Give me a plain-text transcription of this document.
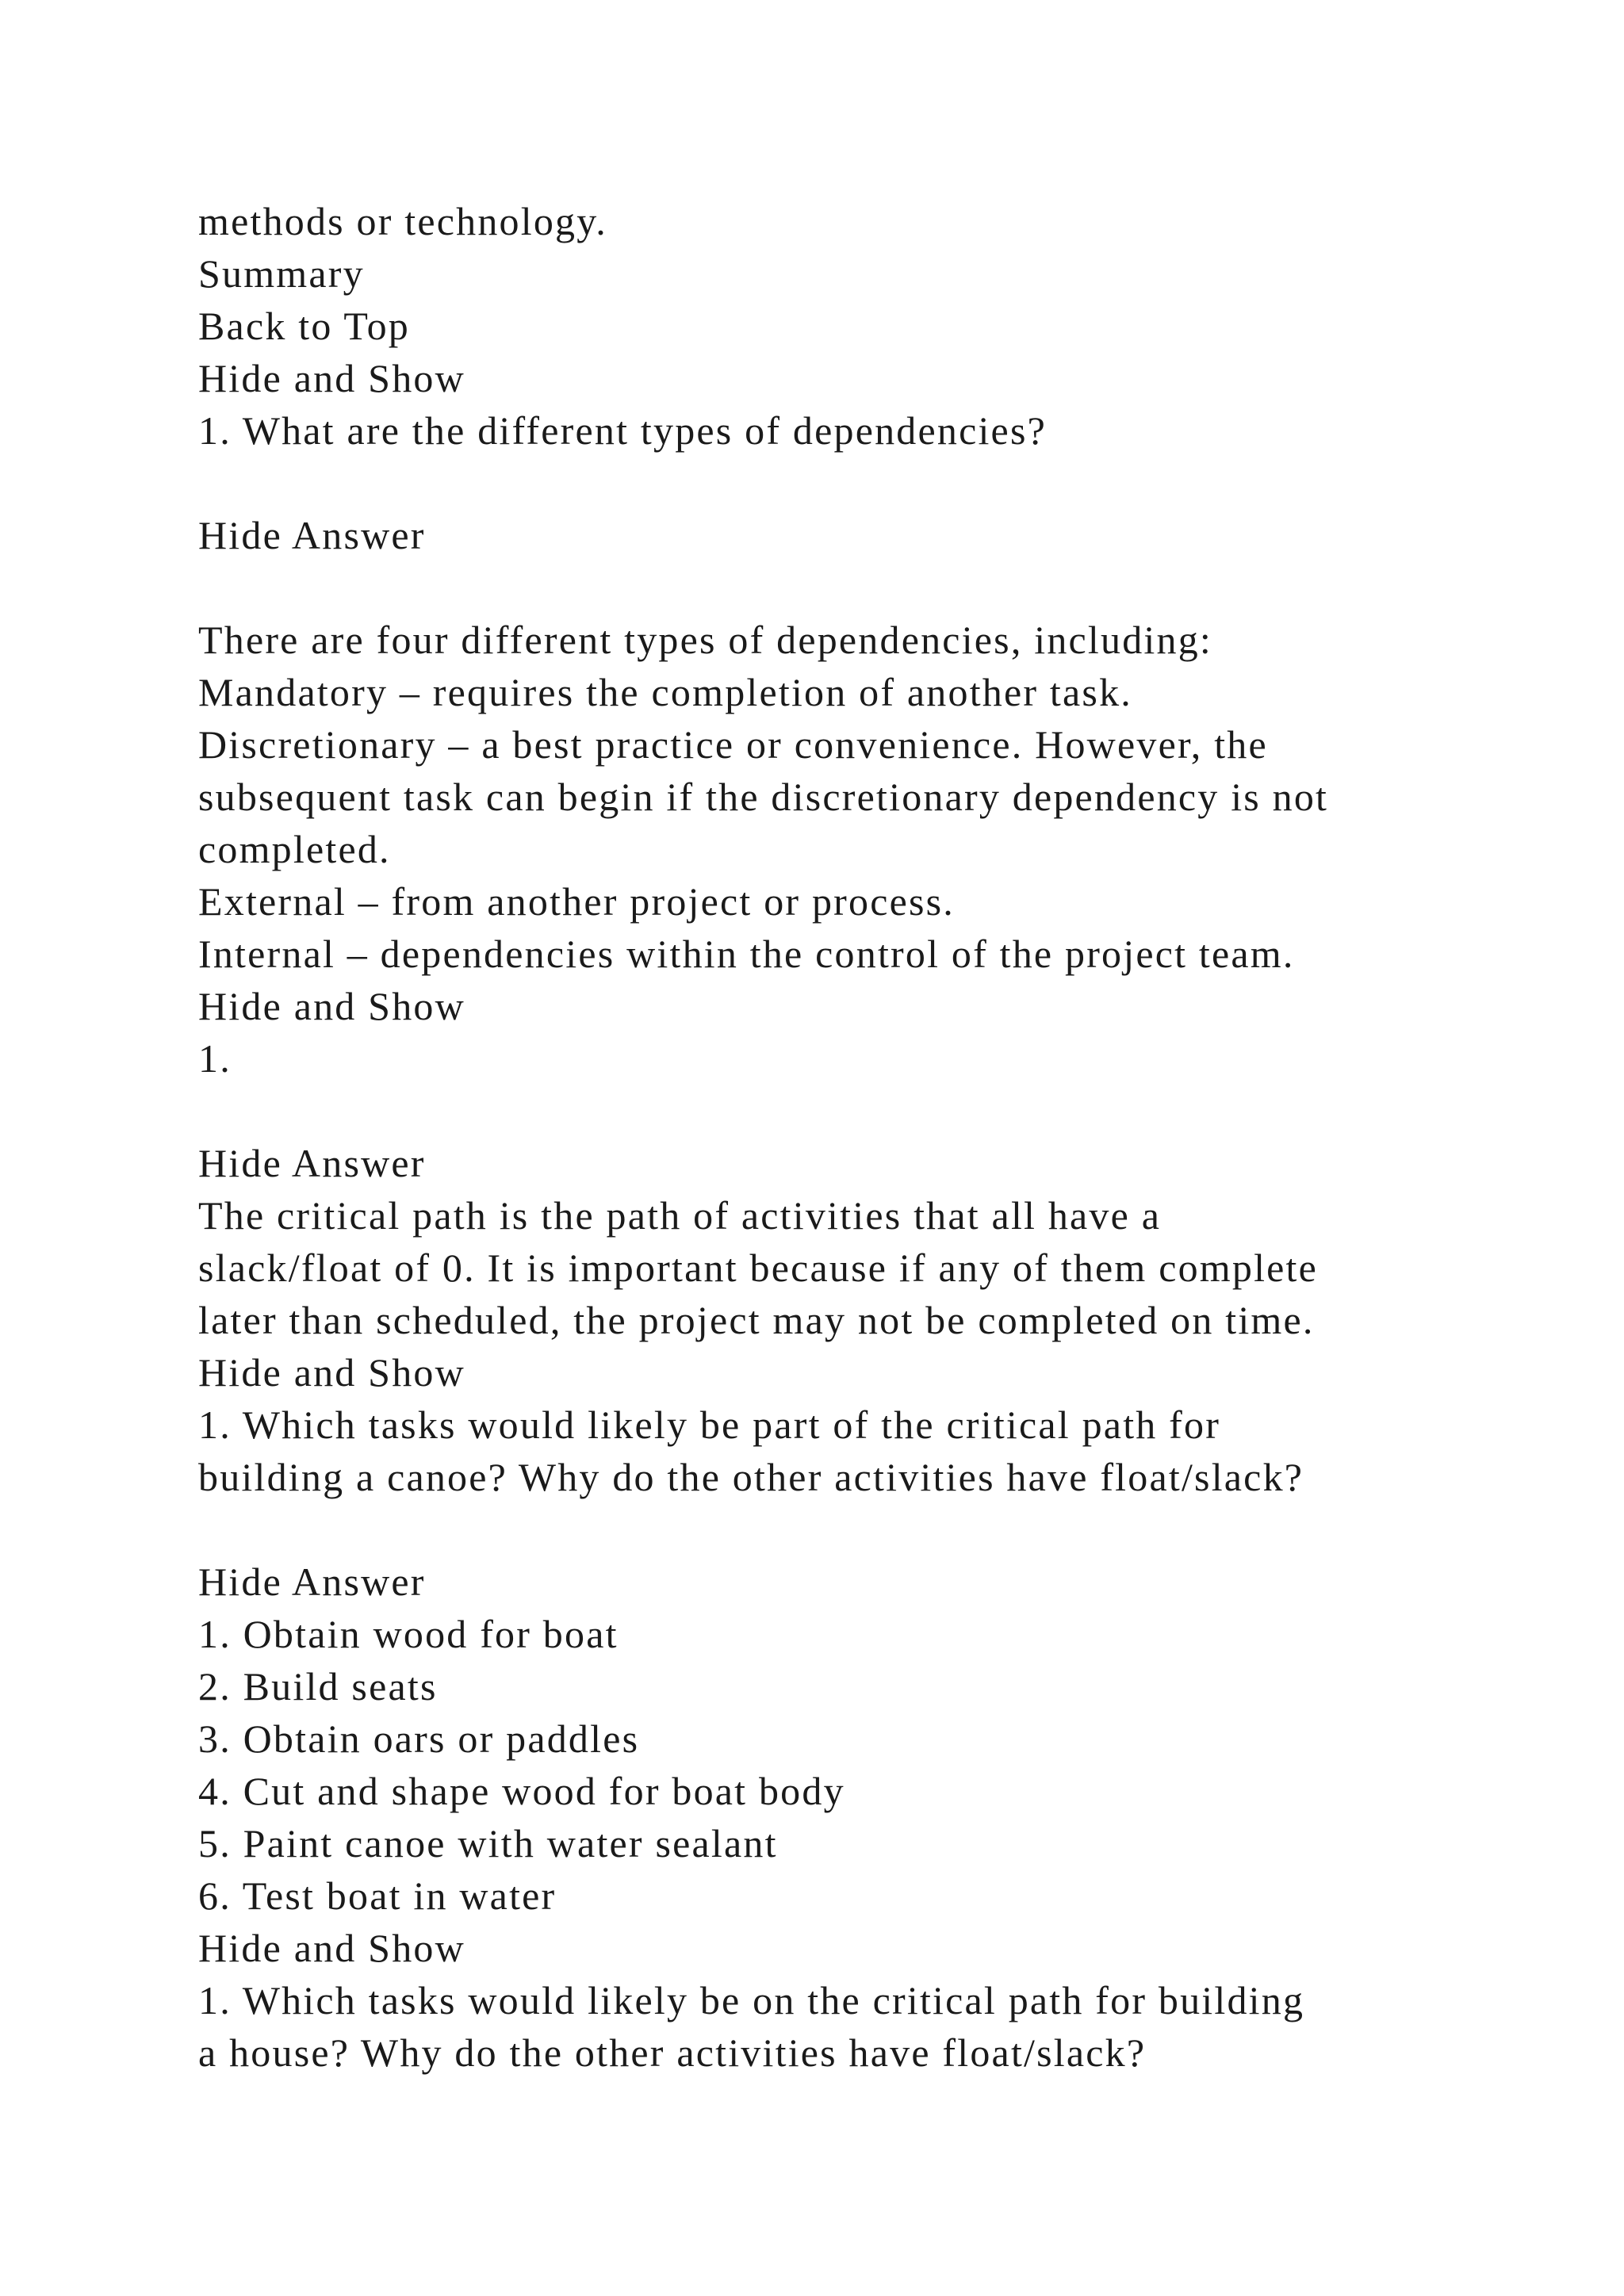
methods or technology.
Summary
Back to Top
Hide and Show
1. What are the different types of dependencies?
Hide Answer
There are four different types of dependencies, including:
Mandatory – requires the completion of another task.
Discretionary – a best practice or convenience. However, the
subsequent task can begin if the discretionary dependency is not
completed.
External – from another project or process.
Internal – dependencies within the control of the project team.
Hide and Show
1.
Hide Answer
The critical path is the path of activities that all have a
slack/float of 0. It is important because if any of them complete
later than scheduled, the project may not be completed on time.
Hide and Show
1. Which tasks would likely be part of the critical path for
building a canoe? Why do the other activities have float/slack?
Hide Answer
1. Obtain wood for boat
2. Build seats
3. Obtain oars or paddles
4. Cut and shape wood for boat body
5. Paint canoe with water sealant
6. Test boat in water
Hide and Show
1. Which tasks would likely be on the critical path for building
a house? Why do the other activities have float/slack?
